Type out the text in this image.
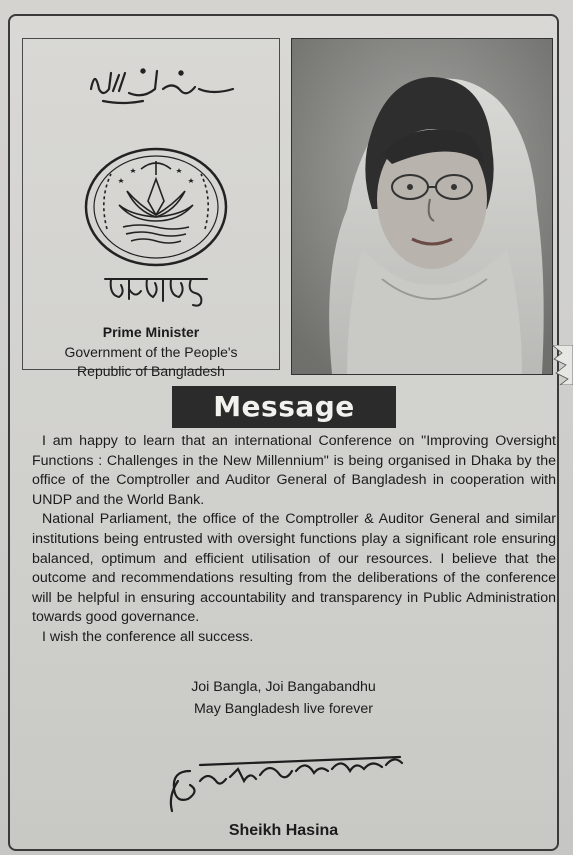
Prime Minister
Government of the People's
Republic of Bangladesh
Message

I am happy to learn that an international Conference on "Improving Oversight Functions : Challenges in the New Millennium" is being organised in Dhaka by the office of the Comptroller and Auditor General of Bangladesh in cooperation with UNDP and the World Bank.

National Parliament, the office of the Comptroller & Auditor General and similar institutions being entrusted with oversight functions play a significant role ensuring balanced, optimum and efficient utilisation of our resources. I believe that the outcome and recommendations resulting from the deliberations of the conference will be helpful in ensuring accountability and transparency in Public Administration towards good governance.

I wish the conference all success.

Joi Bangla, Joi Bangabandhu
May Bangladesh live forever
Sheikh Hasina
